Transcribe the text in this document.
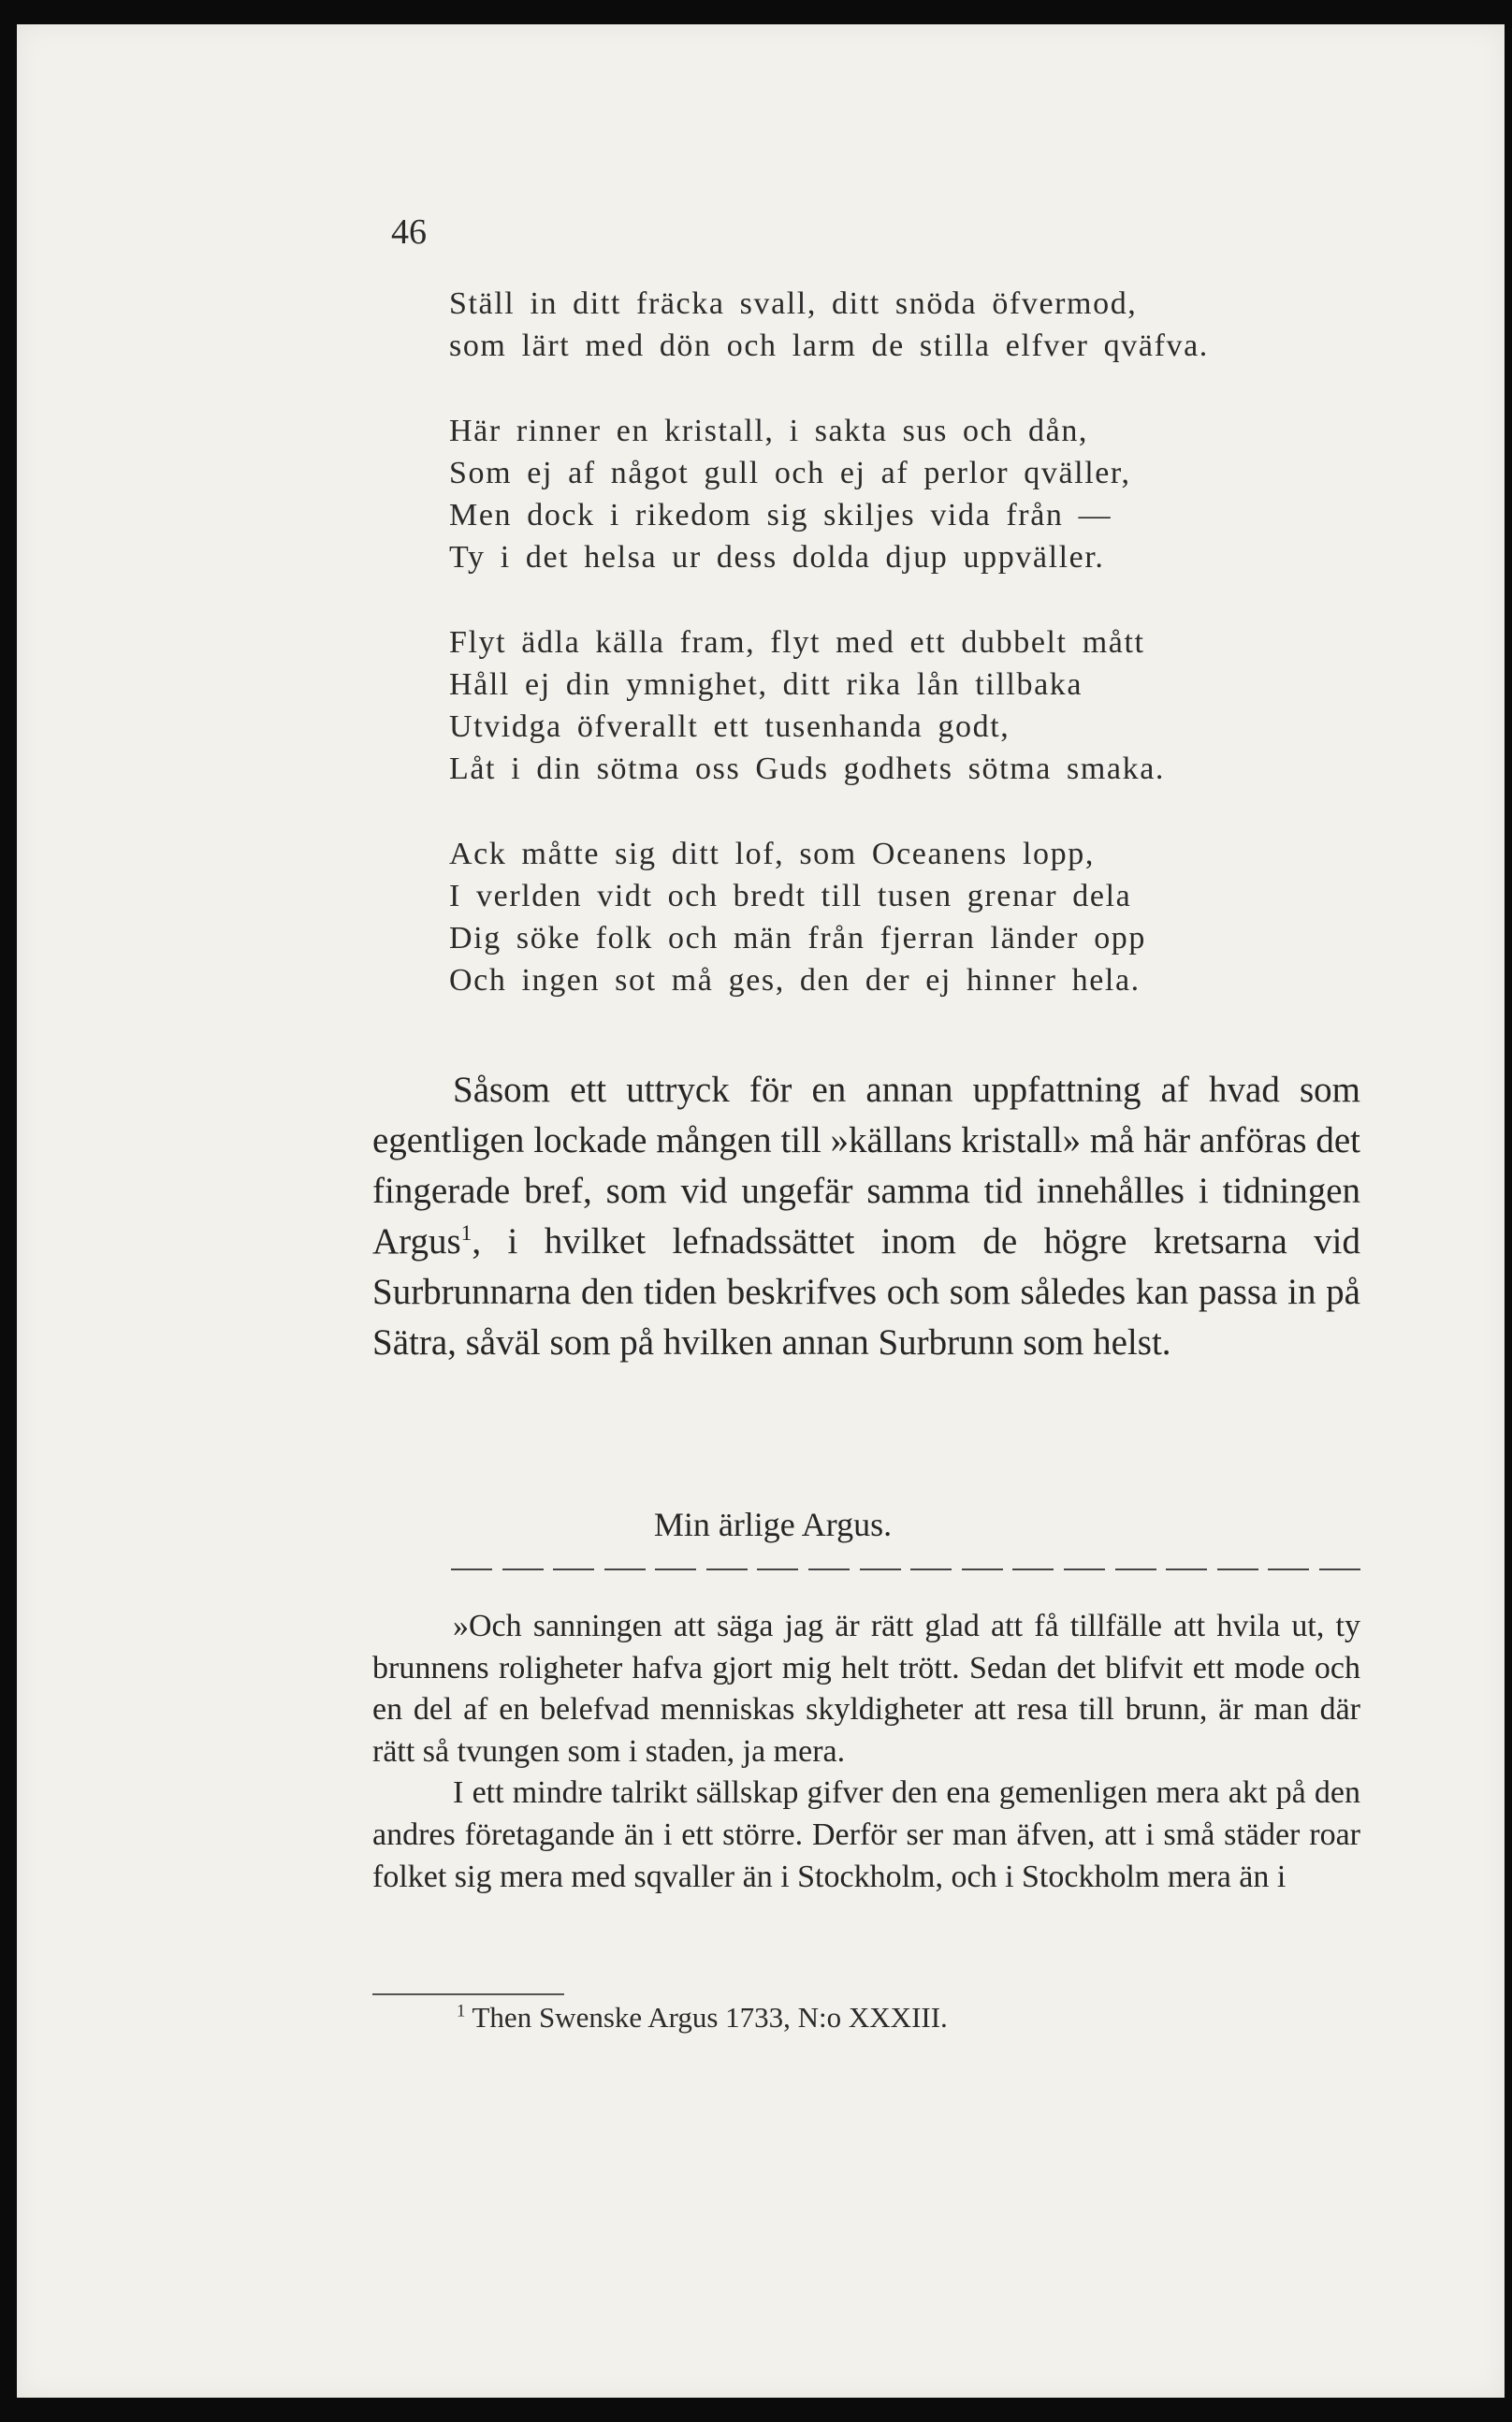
46
Ställ in ditt fräcka svall, ditt snöda öfvermod,
som lärt med dön och larm de stilla elfver qväfva.
Här rinner en kristall, i sakta sus och dån,
Som ej af något gull och ej af perlor qväller,
Men dock i rikedom sig skiljes vida från —
Ty i det helsa ur dess dolda djup uppväller.
Flyt ädla källa fram, flyt med ett dubbelt mått
Håll ej din ymnighet, ditt rika lån tillbaka
Utvidga öfverallt ett tusenhanda godt,
Låt i din sötma oss Guds godhets sötma smaka.
Ack måtte sig ditt lof, som Oceanens lopp,
I verlden vidt och bredt till tusen grenar dela
Dig söke folk och män från fjerran länder opp
Och ingen sot må ges, den der ej hinner hela.

Såsom ett uttryck för en annan uppfattning af hvad som egentligen lockade mången till »källans kristall» må här anföras det fingerade bref, som vid ungefär samma tid innehålles i tidningen Argus$^1$, i hvilket lefnadssättet inom de högre kretsarna vid Surbrunnarna den tiden beskrifves och som således kan passa in på Sätra, såväl som på hvilken annan Surbrunn som helst.

Min ärlige Argus.

»Och sanningen att säga jag är rätt glad att få tillfälle att hvila ut, ty brunnens roligheter hafva gjort mig helt trött. Sedan det blifvit ett mode och en del af en belefvad menniskas skyldigheter att resa till brunn, är man där rätt så tvungen som i staden, ja mera.

I ett mindre talrikt sällskap gifver den ena gemenligen mera akt på den andres företagande än i ett större. Derför ser man äfven, att i små städer roar folket sig mera med sqvaller än i Stockholm, och i Stockholm mera än i

$^1$ Then Swenske Argus 1733, N:o XXXIII.
